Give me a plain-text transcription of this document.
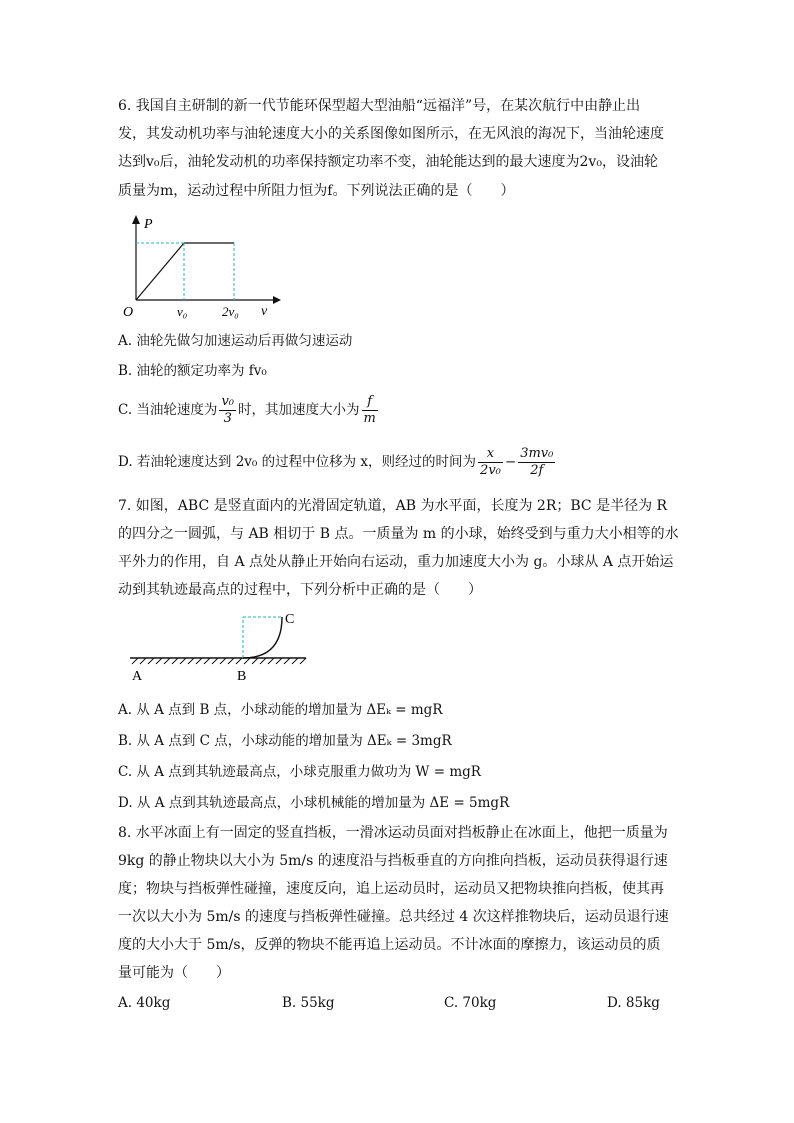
6. 我国自主研制的新一代节能环保型超大型油船“远福洋”号，在某次航行中由静止出
发，其发动机功率与油轮速度大小的关系图像如图所示，在无风浪的海况下，当油轮速度
达到v₀后，油轮发动机的功率保持额定功率不变，油轮能达到的最大速度为2v₀，设油轮
质量为m，运动过程中所阻力恒为f。下列说法正确的是（　　）
P
v
O	v₀	2v₀
A. 油轮先做匀加速运动后再做匀速运动
B. 油轮的额定功率为 fv₀
C. 当油轮速度为 $\frac{\text{v₀}}{3}$ 时，其加速度大小为 $\frac{f}{m}$
D. 若油轮速度达到 2v₀ 的过程中位移为 x，则经过的时间为 $\frac{x}{\text{2v₀}} - \frac{\text{3mv₀}}{2f}$
7. 如图，ABC 是竖直面内的光滑固定轨道，AB 为水平面，长度为 2R；BC 是半径为 R
的四分之一圆弧，与 AB 相切于 B 点。一质量为 m 的小球，始终受到与重力大小相等的水
平外力的作用，自 A 点处从静止开始向右运动，重力加速度大小为 g。小球从 A 点开始运
动到其轨迹最高点的过程中，下列分析中正确的是（　　）
A	B
C
A. 从 A 点到 B 点，小球动能的增加量为 ΔEₖ = mgR
B. 从 A 点到 C 点，小球动能的增加量为 ΔEₖ = 3mgR
C. 从 A 点到其轨迹最高点，小球克服重力做功为 W = mgR
D. 从 A 点到其轨迹最高点，小球机械能的增加量为 ΔE = 5mgR
8. 水平冰面上有一固定的竖直挡板，一滑冰运动员面对挡板静止在冰面上，他把一质量为
9kg 的静止物块以大小为 5m/s 的速度沿与挡板垂直的方向推向挡板，运动员获得退行速
度；物块与挡板弹性碰撞，速度反向，追上运动员时，运动员又把物块推向挡板，使其再
一次以大小为 5m/s 的速度与挡板弹性碰撞。总共经过 4 次这样推物块后，运动员退行速
度的大小大于 5m/s，反弹的物块不能再追上运动员。不计冰面的摩擦力，该运动员的质
量可能为（　　）
A. 40kg	B. 55kg	C. 70kg	D. 85kg
